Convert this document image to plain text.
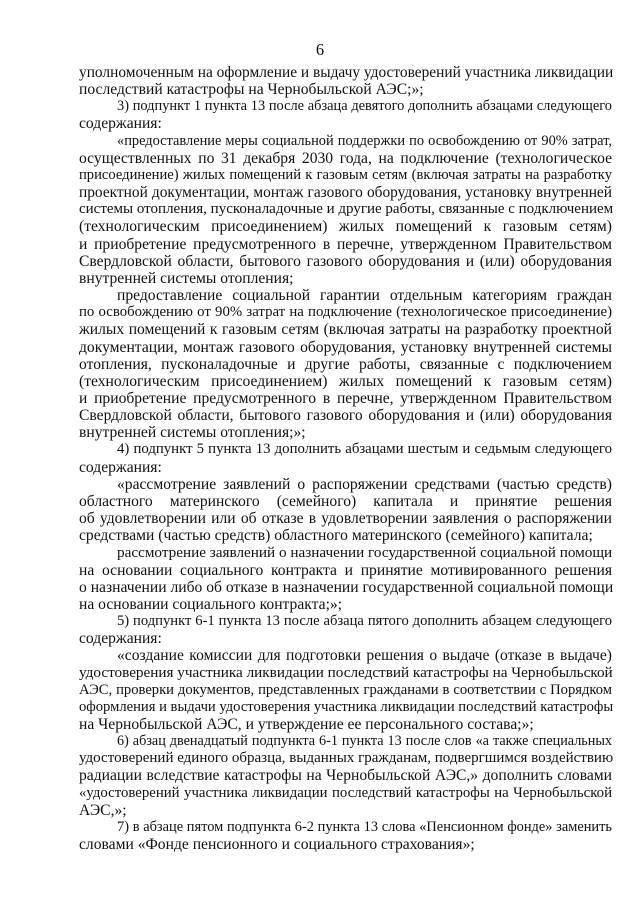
6
уполномоченным на оформление и выдачу удостоверений участника ликвидации
последствий катастрофы на Чернобыльской АЭС;»;
3) подпункт 1 пункта 13 после абзаца девятого дополнить абзацами следующего
содержания:
«предоставление меры социальной поддержки по освобождению от 90% затрат,
осуществленных по 31 декабря 2030 года, на подключение (технологическое
присоединение) жилых помещений к газовым сетям (включая затраты на разработку
проектной документации, монтаж газового оборудования, установку внутренней
системы отопления, пусконаладочные и другие работы, связанные с подключением
(технологическим присоединением) жилых помещений к газовым сетям)
и приобретение предусмотренного в перечне, утвержденном Правительством
Свердловской области, бытового газового оборудования и (или) оборудования
внутренней системы отопления;
предоставление социальной гарантии отдельным категориям граждан
по освобождению от 90% затрат на подключение (технологическое присоединение)
жилых помещений к газовым сетям (включая затраты на разработку проектной
документации, монтаж газового оборудования, установку внутренней системы
отопления, пусконаладочные и другие работы, связанные с подключением
(технологическим присоединением) жилых помещений к газовым сетям)
и приобретение предусмотренного в перечне, утвержденном Правительством
Свердловской области, бытового газового оборудования и (или) оборудования
внутренней системы отопления;»;
4) подпункт 5 пункта 13 дополнить абзацами шестым и седьмым следующего
содержания:
«рассмотрение заявлений о распоряжении средствами (частью средств)
областного материнского (семейного) капитала и принятие решения
об удовлетворении или об отказе в удовлетворении заявления о распоряжении
средствами (частью средств) областного материнского (семейного) капитала;
рассмотрение заявлений о назначении государственной социальной помощи
на основании социального контракта и принятие мотивированного решения
о назначении либо об отказе в назначении государственной социальной помощи
на основании социального контракта;»;
5) подпункт 6-1 пункта 13 после абзаца пятого дополнить абзацем следующего
содержания:
«создание комиссии для подготовки решения о выдаче (отказе в выдаче)
удостоверения участника ликвидации последствий катастрофы на Чернобыльской
АЭС, проверки документов, представленных гражданами в соответствии с Порядком
оформления и выдачи удостоверения участника ликвидации последствий катастрофы
на Чернобыльской АЭС, и утверждение ее персонального состава;»;
6) абзац двенадцатый подпункта 6-1 пункта 13 после слов «а также специальных
удостоверений единого образца, выданных гражданам, подвергшимся воздействию
радиации вследствие катастрофы на Чернобыльской АЭС,» дополнить словами
«удостоверений участника ликвидации последствий катастрофы на Чернобыльской
АЭС,»;
7) в абзаце пятом подпункта 6-2 пункта 13 слова «Пенсионном фонде» заменить
словами «Фонде пенсионного и социального страхования»;
